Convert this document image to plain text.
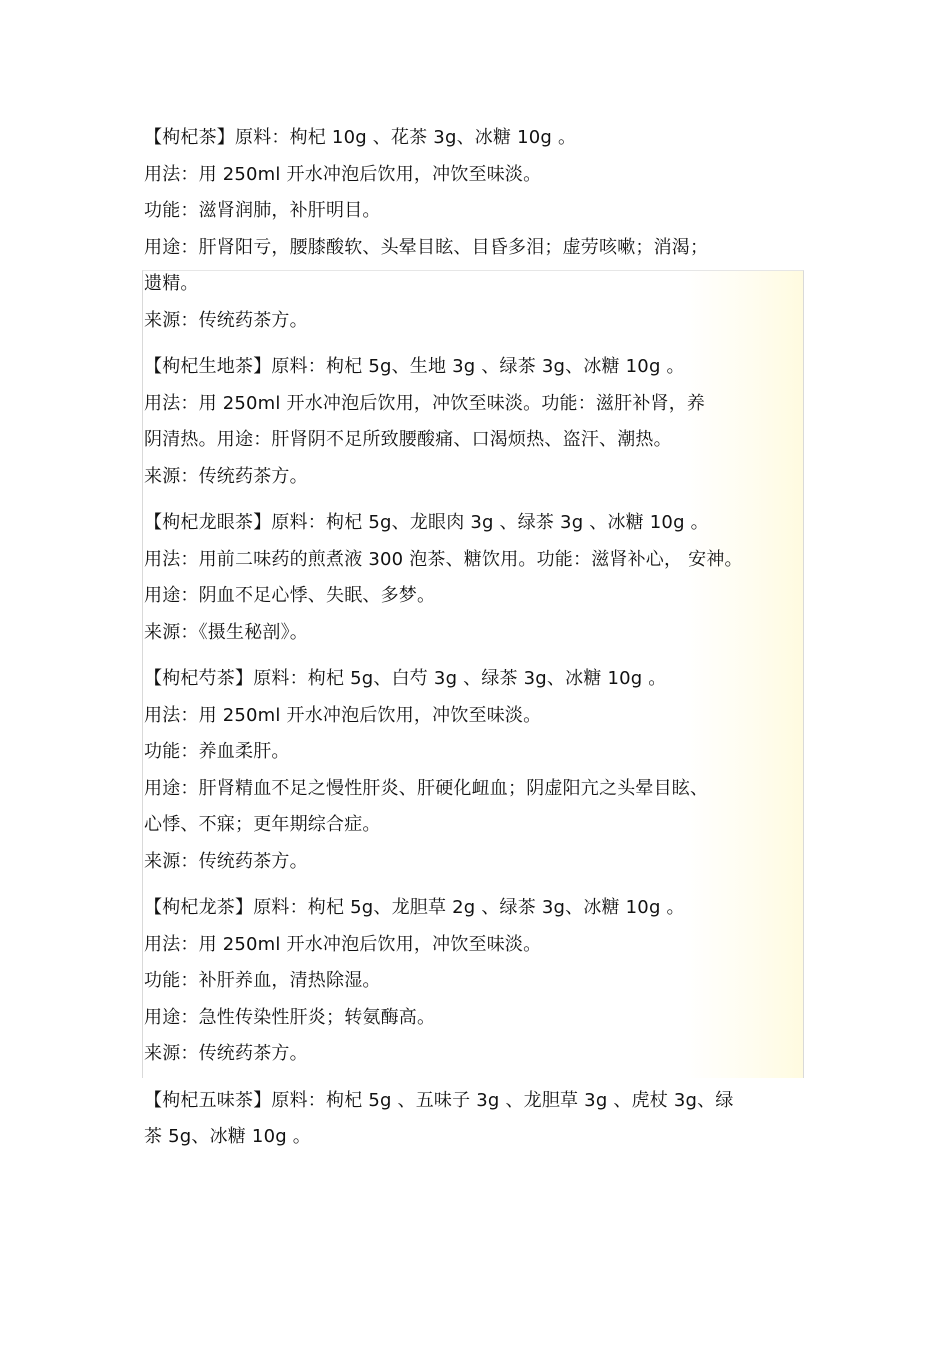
【枸杞茶】原料：枸杞 10g 、花茶 3g、冰糖 10g 。
用法：用 250ml 开水冲泡后饮用，冲饮至味淡。
功能：滋肾润肺，补肝明目。
用途：肝肾阳亏，腰膝酸软、头晕目眩、目昏多泪；虚劳咳嗽；消渴；
遗精。
来源：传统药茶方。
【枸杞生地茶】原料：枸杞 5g、生地 3g 、绿茶 3g、冰糖 10g 。
用法：用 250ml 开水冲泡后饮用，冲饮至味淡。功能：滋肝补肾，养
阴清热。用途：肝肾阴不足所致腰酸痛、口渴烦热、盗汗、潮热。
来源：传统药茶方。
【枸杞龙眼茶】原料：枸杞 5g、龙眼肉 3g 、绿茶 3g 、冰糖 10g 。
用法：用前二味药的煎煮液 300 泡茶、糖饮用。功能：滋肾补心， 安神。
用途：阴血不足心悸、失眠、多梦。
来源：《摄生秘剖》。
【枸杞芍茶】原料：枸杞 5g、白芍 3g 、绿茶 3g、冰糖 10g 。
用法：用 250ml 开水冲泡后饮用，冲饮至味淡。
功能：养血柔肝。
用途：肝肾精血不足之慢性肝炎、肝硬化衄血；阴虚阳亢之头晕目眩、
心悸、不寐；更年期综合症。
来源：传统药茶方。
【枸杞龙茶】原料：枸杞 5g、龙胆草 2g 、绿茶 3g、冰糖 10g 。
用法：用 250ml 开水冲泡后饮用，冲饮至味淡。
功能：补肝养血，清热除湿。
用途：急性传染性肝炎；转氨酶高。
来源：传统药茶方。
【枸杞五味茶】原料：枸杞 5g 、五味子 3g 、龙胆草 3g 、虎杖 3g、绿
茶 5g、冰糖 10g 。
